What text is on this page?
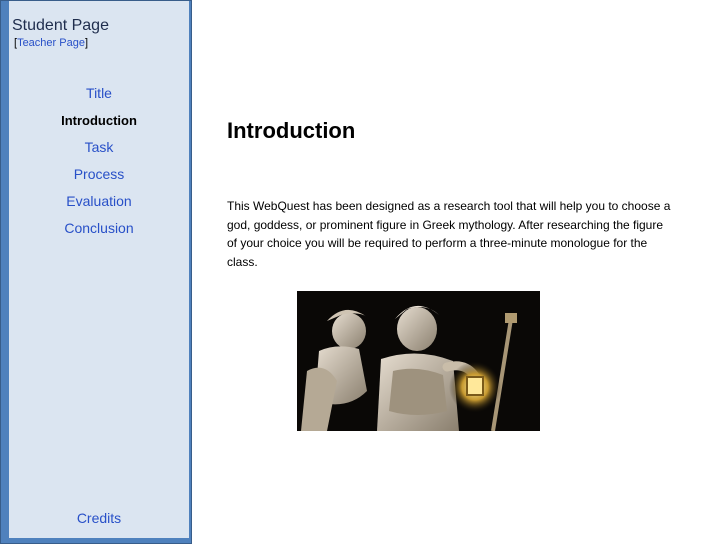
Student Page
[Teacher Page]
Title
Introduction
Task
Process
Evaluation
Conclusion
Credits
Introduction
This WebQuest has been designed as a research tool that will help you to choose a god, goddess, or prominent figure in Greek mythology. After researching the figure of your choice you will be required to perform a three-minute monologue for the class.
